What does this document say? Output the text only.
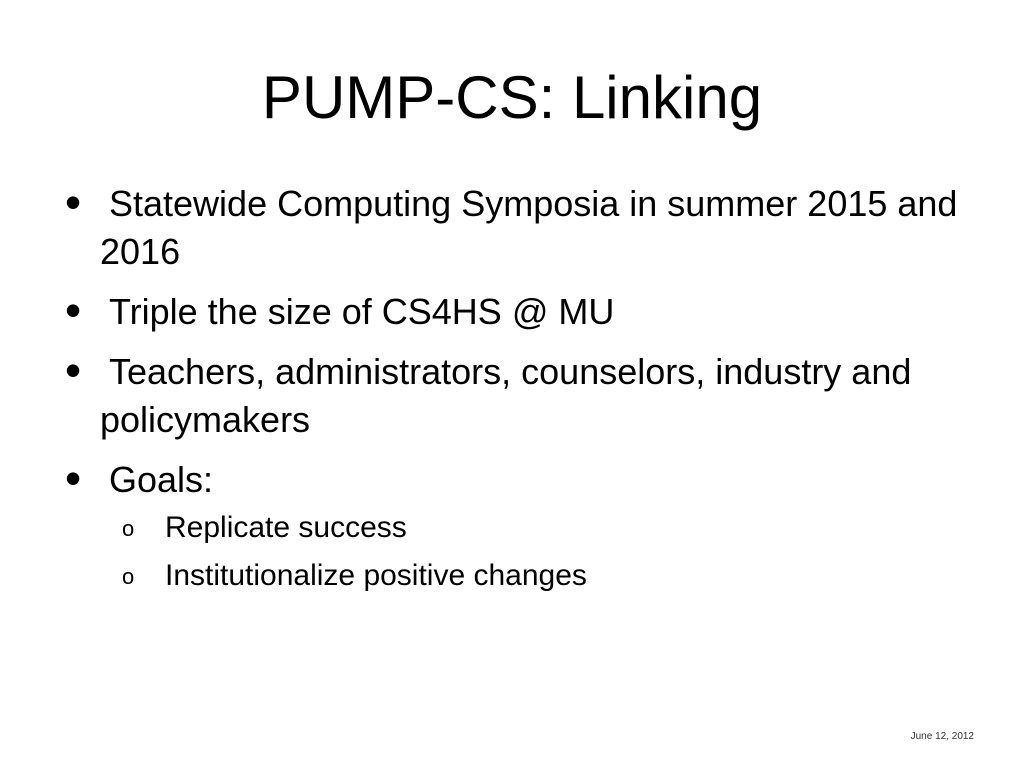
PUMP-CS: Linking
• Statewide Computing Symposia in summer 2015 and 2016
• Triple the size of CS4HS @ MU
• Teachers, administrators, counselors, industry and policymakers
• Goals:
o Replicate success
o Institutionalize positive changes
June 12, 2012
